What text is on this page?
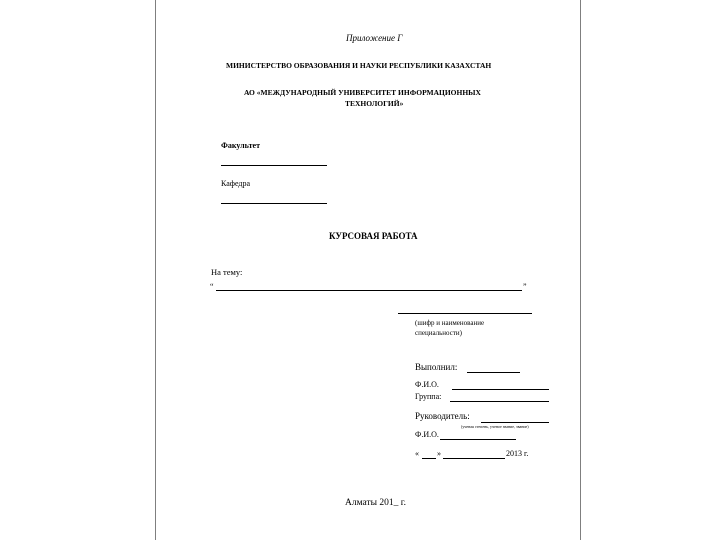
Приложение Г
МИНИСТЕРСТВО ОБРАЗОВАНИЯ И НАУКИ РЕСПУБЛИКИ КАЗАХСТАН
АО «МЕЖДУНАРОДНЫЙ УНИВЕРСИТЕТ ИНФОРМАЦИОННЫХ
ТЕХНОЛОГИЙ»
Факультет
Кафедра
КУРСОВАЯ РАБОТА
На тему:
“	”
(шифр и наименование
специальности)
Выполнил:
Ф.И.О.
Группа:
Руководитель:
(ученая степень, ученое звание, звание)
Ф.И.О.
« »	2013 г.
Алматы 201_ г.
